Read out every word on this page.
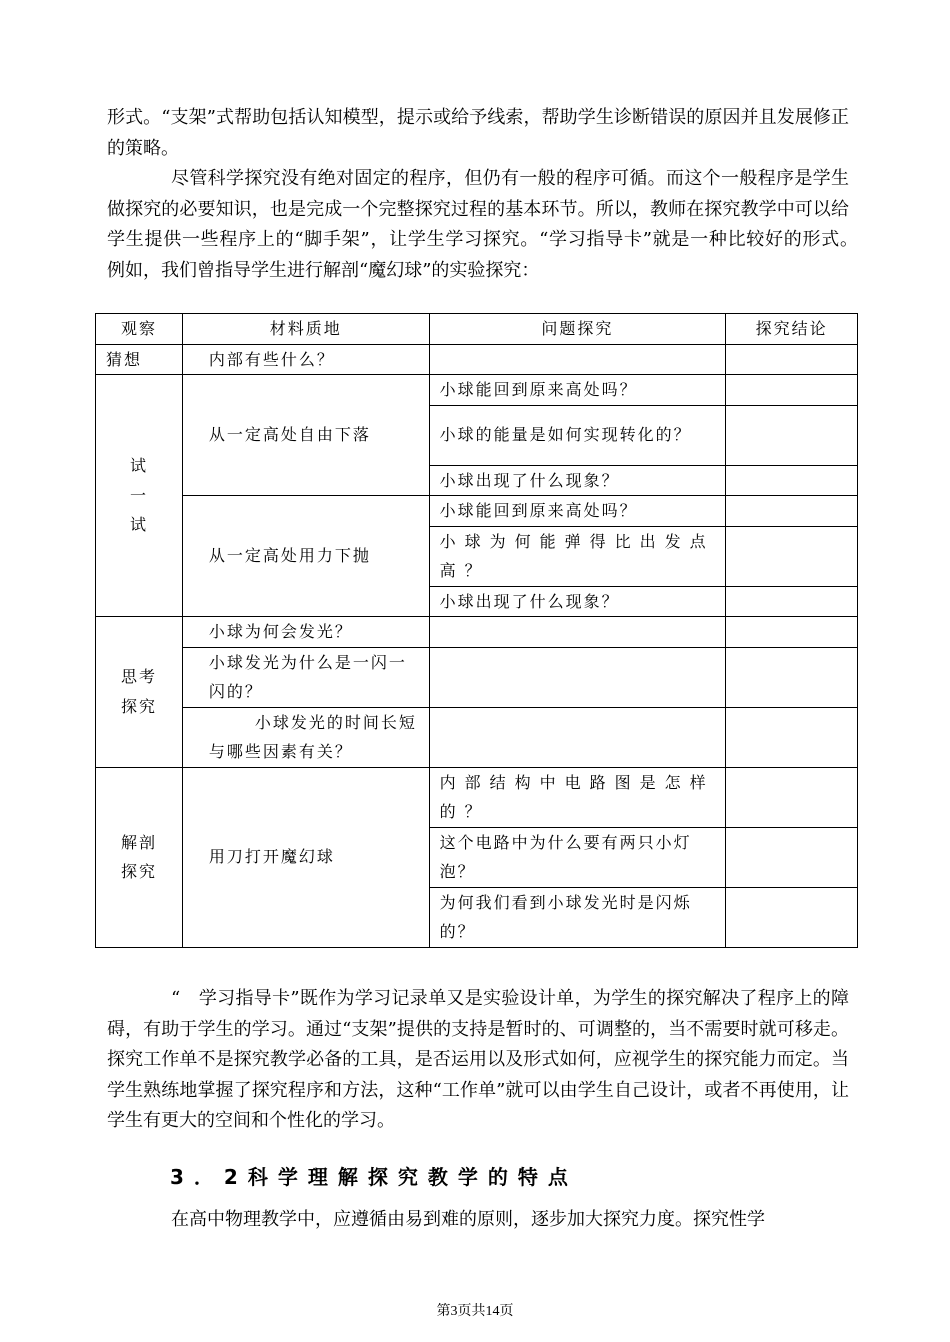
形式。“支架”式帮助包括认知模型，提示或给予线索，帮助学生诊断错误的原因并且发展修正的策略。
尽管科学探究没有绝对固定的程序，但仍有一般的程序可循。而这个一般程序是学生做探究的必要知识，也是完成一个完整探究过程的基本环节。所以，教师在探究教学中可以给学生提供一些程序上的“脚手架”，让学生学习探究。“学习指导卡”就是一种比较好的形式。　例如，我们曾指导学生进行解剖“魔幻球”的实验探究：
观察	材料质地	问题探究	探究结论
猜想	内部有些什么？		

试
一
试	从一定高处自由下落	小球能回到原来高处吗？	
		小球的能量是如何实现转化的？	
		小球出现了什么现象？	
	从一定高处用力下抛	小球能回到原来高处吗？	
		小球为何能弹得比出发点高？	
		小球出现了什么现象？	

思考
探究	小球为何会发光？		
	小球发光为什么是一闪一闪的？		
	小球发光的时间长短与哪些因素有关？		

解剖
探究	用刀打开魔幻球	内部结构中电路图是怎样的？	
		这个电路中为什么要有两只小灯泡？	
		为何我们看到小球发光时是闪烁的？	
“　学习指导卡”既作为学习记录单又是实验设计单，为学生的探究解决了程序上的障碍，有助于学生的学习。通过“支架”提供的支持是暂时的、可调整的，当不需要时就可移走。探究工作单不是探究教学必备的工具，是否运用以及形式如何，应视学生的探究能力而定。当学生熟练地掌握了探究程序和方法，这种“工作单”就可以由学生自己设计，或者不再使用，让学生有更大的空间和个性化的学习。
3．2科学理解探究教学的特点
在高中物理教学中，应遵循由易到难的原则，逐步加大探究力度。探究性学
第3页共14页
